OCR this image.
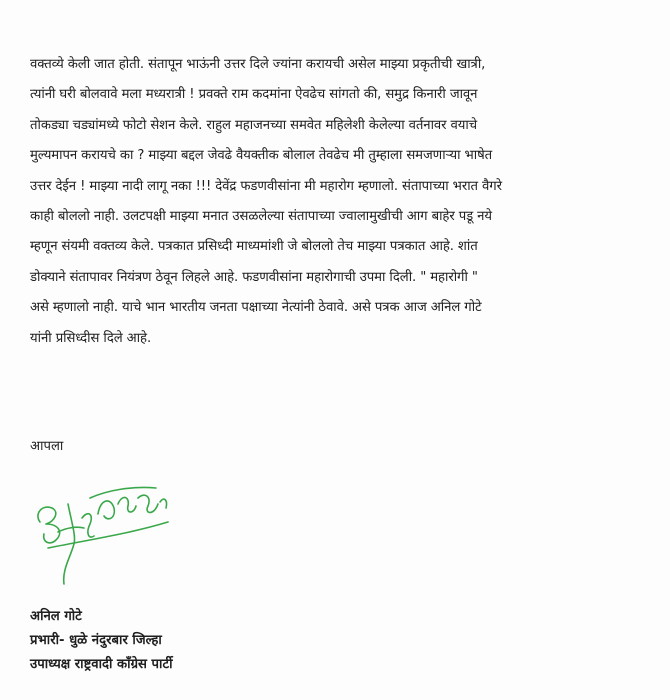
वक्तव्ये केली जात होती. संतापून भाऊंनी उत्तर दिले ज्यांना करायची असेल माझ्या प्रकृतीची खात्री,
त्यांनी घरी बोलवावे मला मध्यरात्री ! प्रवक्ते राम कदमांना ऐवढेच सांगतो की, समुद्र किनारी जावून
तोकड्या चड्यांमध्ये फोटो सेशन केले. राहुल महाजनच्या समवेत महिलेशी केलेल्या वर्तनावर वयाचे
मुल्यमापन करायचे का ? माझ्या बद्दल जेवढे वैयक्तीक बोलाल तेवढेच मी तुम्हाला समजणाऱ्या भाषेत
उत्तर देईन ! माझ्या नादी लागू नका !!! देवेंद्र फडणवीसांना मी महारोग म्हणालो. संतापाच्या भरात वैगरे
काही बोललो नाही. उलटपक्षी माझ्या मनात उसळलेल्या संतापाच्या ज्वालामुखीची आग बाहेर पडू नये
म्हणून संयमी वक्तव्य केले. पत्रकात प्रसिध्दी माध्यमांशी जे बोललो तेच माझ्या पत्रकात आहे. शांत
डोक्याने संतापावर नियंत्रण ठेवून लिहले आहे. फडणवीसांना महारोगाची उपमा दिली. " महारोगी "
असे म्हणालो नाही. याचे भान भारतीय जनता पक्षाच्या नेत्यांनी ठेवावे. असे पत्रक आज अनिल गोटे
यांनी प्रसिध्दीस दिले आहे.
आपला
अनिल गोटे
प्रभारी- धुळे नंदुरबार जिल्हा
उपाध्यक्ष राष्ट्रवादी कॉंग्रेस पार्टी
